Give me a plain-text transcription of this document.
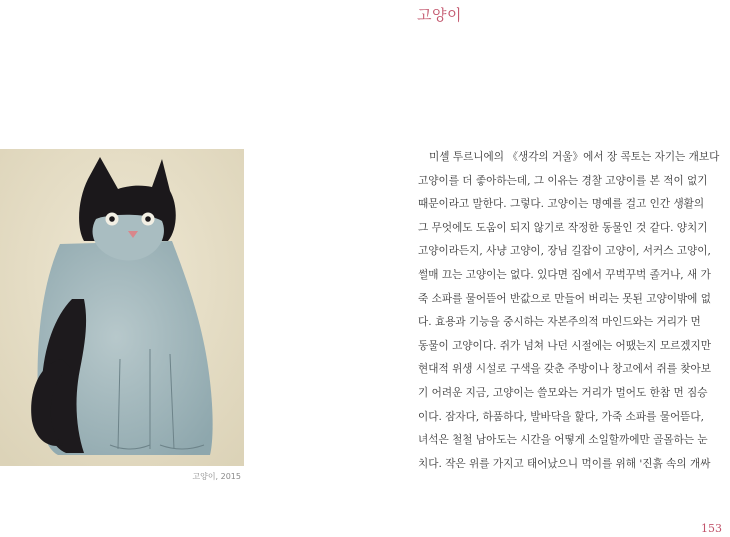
고양이
고양이, 2015
미셸 투르니에의 《생각의 거울》에서 장 콕토는 자기는 개보다
고양이를 더 좋아하는데, 그 이유는 경찰 고양이를 본 적이 없기
때문이라고 말한다. 그렇다. 고양이는 명예를 걸고 인간 생활의
그 무엇에도 도움이 되지 않기로 작정한 동물인 것 같다. 양치기
고양이라든지, 사냥 고양이, 장님 길잡이 고양이, 서커스 고양이,
썰매 끄는 고양이는 없다. 있다면 집에서 꾸벅꾸벅 졸거나, 새 가
죽 소파를 물어뜯어 반값으로 만들어 버리는 못된 고양이밖에 없
다. 효용과 기능을 중시하는 자본주의적 마인드와는 거리가 먼
동물이 고양이다. 쥐가 넘쳐 나던 시절에는 어땠는지 모르겠지만
현대적 위생 시설로 구색을 갖춘 주방이나 창고에서 쥐를 찾아보
기 어려운 지금, 고양이는 쓸모와는 거리가 멀어도 한참 먼 짐승
이다. 잠자다, 하품하다, 발바닥을 핥다, 가죽 소파를 물어뜯다,
녀석은 철철 남아도는 시간을 어떻게 소일할까에만 골몰하는 눈
치다. 작은 위를 가지고 태어났으니 먹이를 위해 '진흙 속의 개싸
153
